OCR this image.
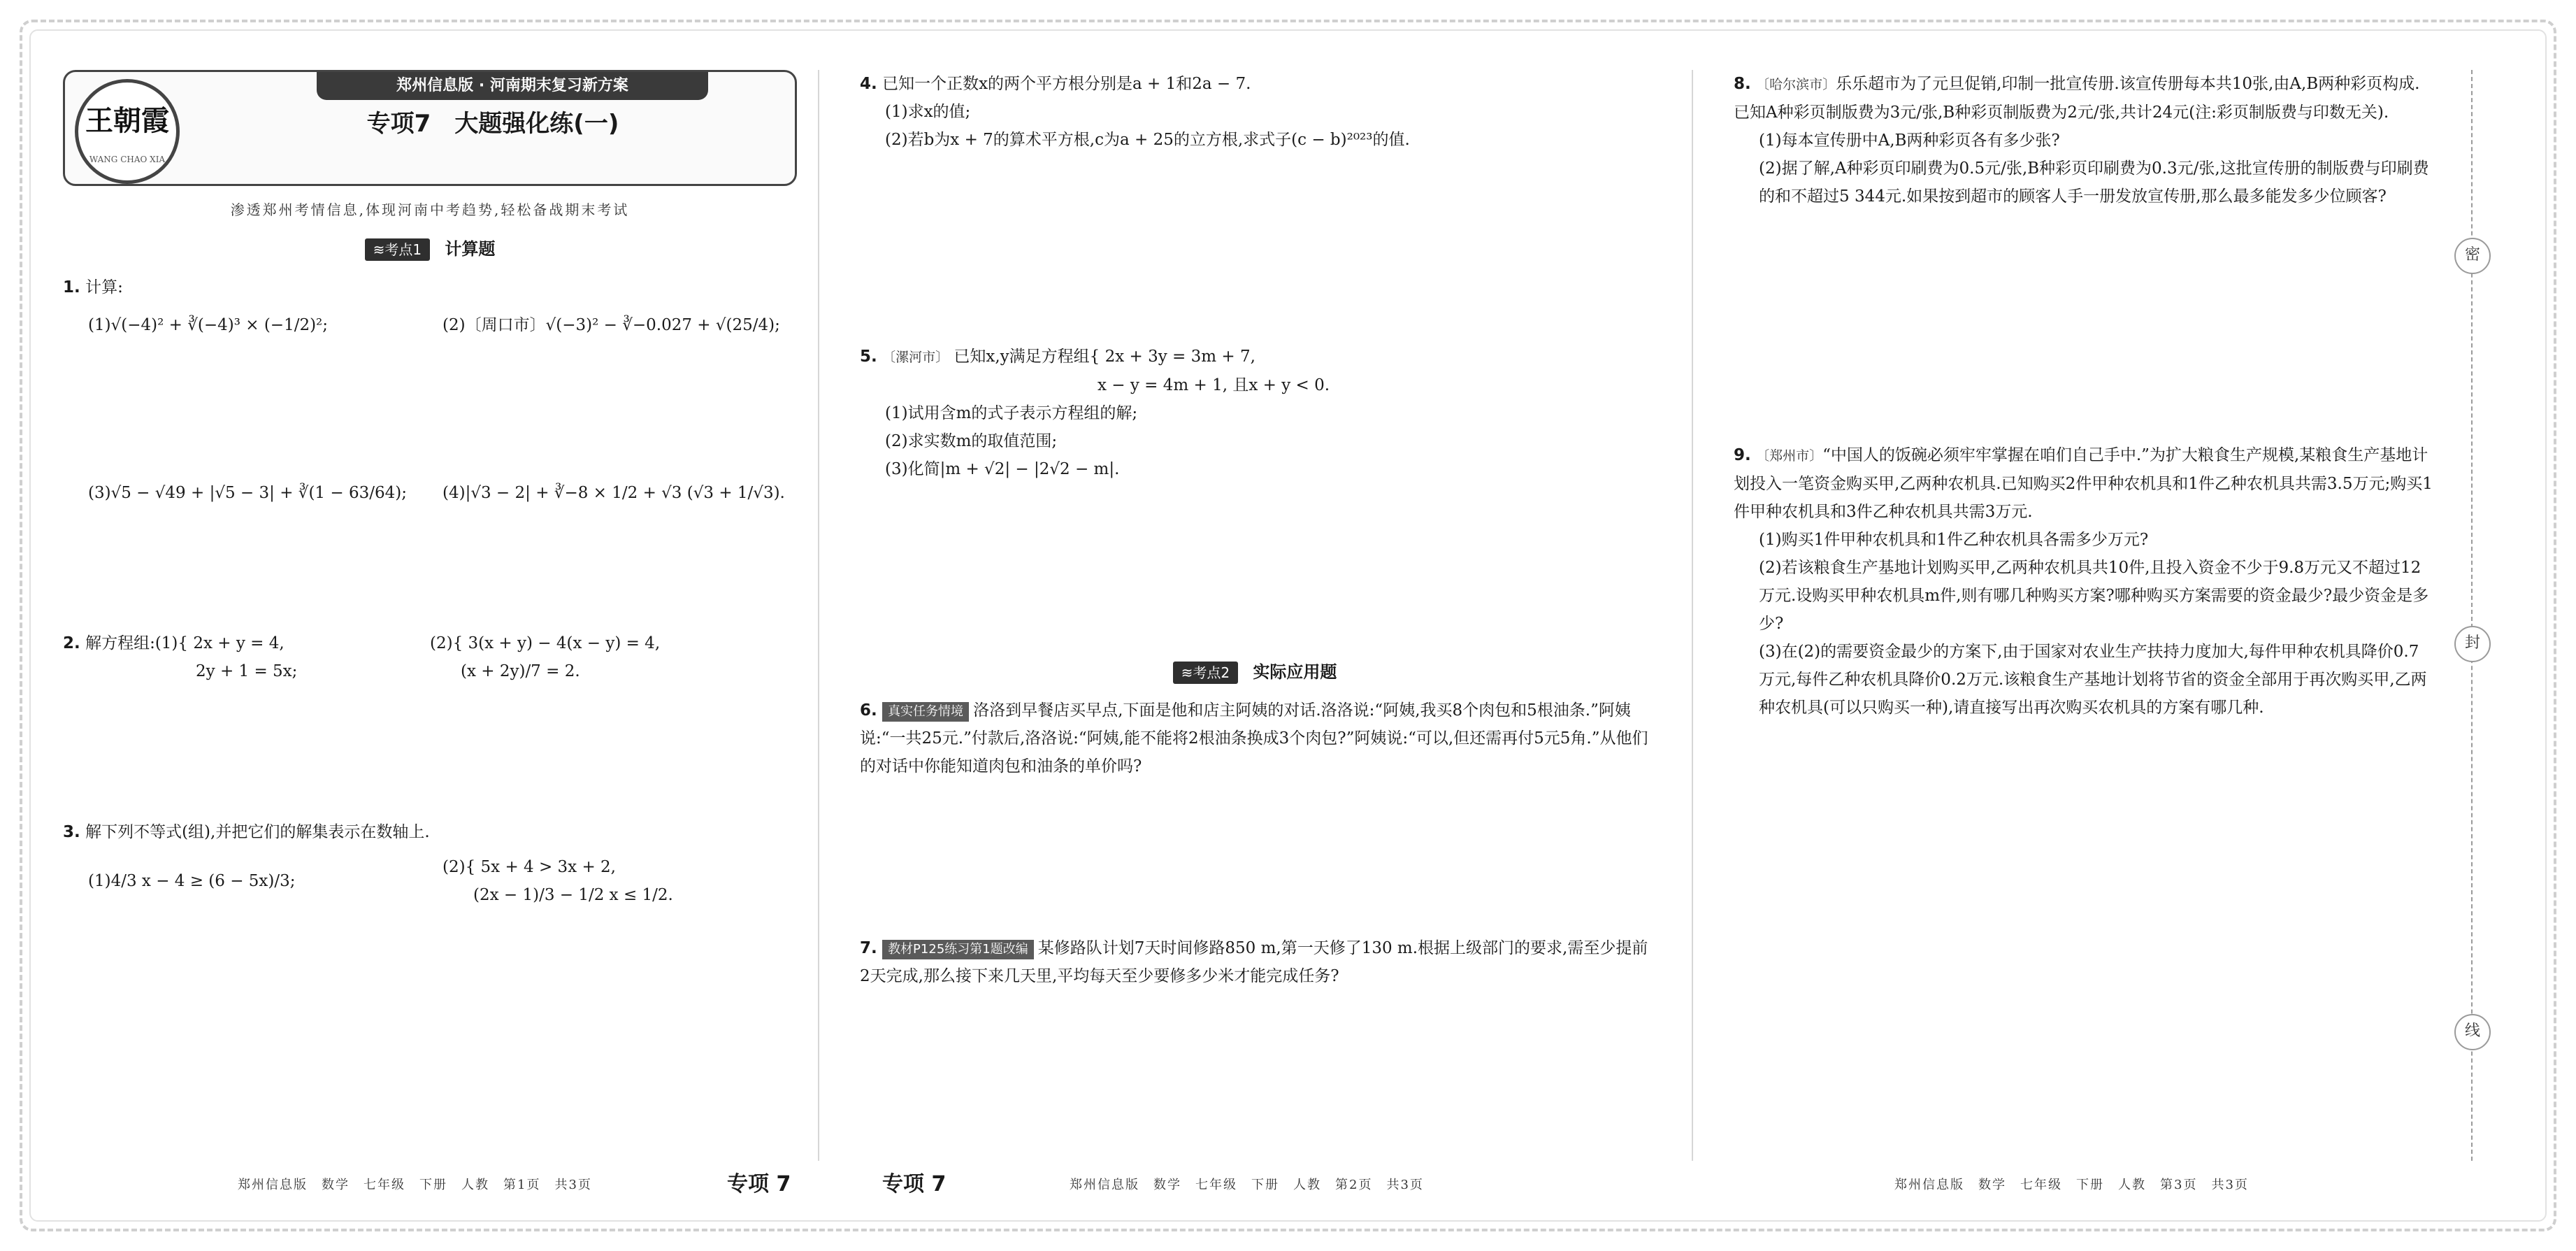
王朝霞
WANG CHAO XIA
郑州信息版 · 河南期末复习新方案
专项7　大题强化练(一)
渗透郑州考情信息,体现河南中考趋势,轻松备战期末考试
≋考点1 计算题
1. 计算:
(1)√(−4)² + ∛(−4)³ × (−1/2)²;	(2)〔周口市〕√(−3)² − ∛−0.027 + √(25/4);
(3)√5 − √49 + |√5 − 3| + ∛(1 − 63/64);	(4)|√3 − 2| + ∛−8 × 1/2 + √3 (√3 + 1/√3).
2. 解方程组:(1){ 2x + y = 4,
2y + 1 = 5x;
(2){ 3(x + y) − 4(x − y) = 4,
(x + 2y)/7 = 2.
3. 解下列不等式(组),并把它们的解集表示在数轴上.
(1)4/3 x − 4 ≥ (6 − 5x)/3;
(2){ 5x + 4 > 3x + 2,
(2x − 1)/3 − 1/2 x ≤ 1/2.
4. 已知一个正数x的两个平方根分别是a + 1和2a − 7.
(1)求x的值;
(2)若b为x + 7的算术平方根,c为a + 25的立方根,求式子(c − b)²⁰²³的值.
5. 〔漯河市〕 已知x,y满足方程组{ 2x + 3y = 3m + 7,
x − y = 4m + 1, 且x + y < 0.
(1)试用含m的式子表示方程组的解;
(2)求实数m的取值范围;
(3)化简|m + √2| − |2√2 − m|.
≋考点2 实际应用题
6. 真实任务情境 洛洛到早餐店买早点,下面是他和店主阿姨的对话.洛洛说:“阿姨,我买8个肉包和5根油条.”阿姨说:“一共25元.”付款后,洛洛说:“阿姨,能不能将2根油条换成3个肉包?”阿姨说:“可以,但还需再付5元5角.”从他们的对话中你能知道肉包和油条的单价吗?
7. 教材P125练习第1题改编 某修路队计划7天时间修路850 m,第一天修了130 m.根据上级部门的要求,需至少提前2天完成,那么接下来几天里,平均每天至少要修多少米才能完成任务?
8. 〔哈尔滨市〕乐乐超市为了元旦促销,印制一批宣传册.该宣传册每本共10张,由A,B两种彩页构成.已知A种彩页制版费为3元/张,B种彩页制版费为2元/张,共计24元(注:彩页制版费与印数无关).
(1)每本宣传册中A,B两种彩页各有多少张?
(2)据了解,A种彩页印刷费为0.5元/张,B种彩页印刷费为0.3元/张,这批宣传册的制版费与印刷费的和不超过5 344元.如果按到超市的顾客人手一册发放宣传册,那么最多能发多少位顾客?
9. 〔郑州市〕“中国人的饭碗必须牢牢掌握在咱们自己手中.”为扩大粮食生产规模,某粮食生产基地计划投入一笔资金购买甲,乙两种农机具.已知购买2件甲种农机具和1件乙种农机具共需3.5万元;购买1件甲种农机具和3件乙种农机具共需3万元.
(1)购买1件甲种农机具和1件乙种农机具各需多少万元?
(2)若该粮食生产基地计划购买甲,乙两种农机具共10件,且投入资金不少于9.8万元又不超过12万元.设购买甲种农机具m件,则有哪几种购买方案?哪种购买方案需要的资金最少?最少资金是多少?
(3)在(2)的需要资金最少的方案下,由于国家对农业生产扶持力度加大,每件甲种农机具降价0.7万元,每件乙种农机具降价0.2万元.该粮食生产基地计划将节省的资金全部用于再次购买甲,乙两种农机具(可以只购买一种),请直接写出再次购买农机具的方案有哪几种.
密
封
线
郑州信息版　数学　七年级　下册　人教　第1页　共3页	专项 7	专项 7	郑州信息版　数学　七年级　下册　人教　第2页　共3页	郑州信息版　数学　七年级　下册　人教　第3页　共3页
